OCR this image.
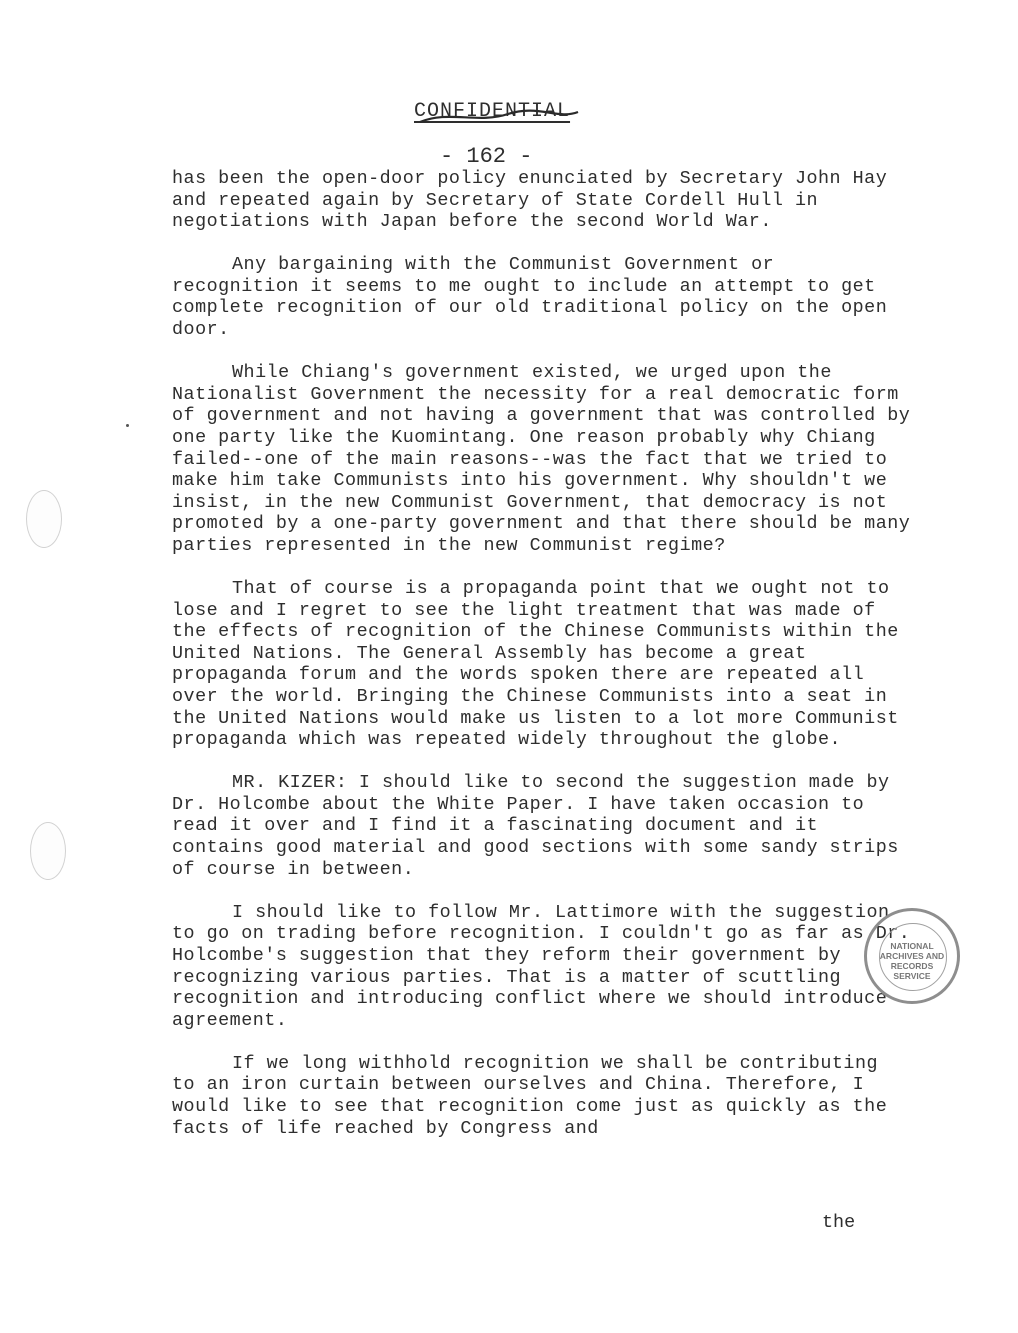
CONFIDENTIAL
- 162 -

has been the open-door policy enunciated by Secretary John Hay and repeated again by Secretary of State Cordell Hull in negotiations with Japan before the second World War.

Any bargaining with the Communist Government or recognition it seems to me ought to include an attempt to get complete recognition of our old traditional policy on the open door.

While Chiang's government existed, we urged upon the Nationalist Government the necessity for a real democratic form of government and not having a government that was controlled by one party like the Kuomintang. One reason probably why Chiang failed--one of the main reasons--was the fact that we tried to make him take Communists into his government. Why shouldn't we insist, in the new Communist Government, that democracy is not promoted by a one-party government and that there should be many parties represented in the new Communist regime?

That of course is a propaganda point that we ought not to lose and I regret to see the light treatment that was made of the effects of recognition of the Chinese Communists within the United Nations. The General Assembly has become a great propaganda forum and the words spoken there are repeated all over the world. Bringing the Chinese Communists into a seat in the United Nations would make us listen to a lot more Communist propaganda which was repeated widely throughout the globe.

MR. KIZER: I should like to second the suggestion made by Dr. Holcombe about the White Paper. I have taken occasion to read it over and I find it a fascinating document and it contains good material and good sections with some sandy strips of course in between.

I should like to follow Mr. Lattimore with the suggestion to go on trading before recognition. I couldn't go as far as Dr. Holcombe's suggestion that they reform their government by recognizing various parties. That is a matter of scuttling recognition and introducing conflict where we should introduce agreement.

If we long withhold recognition we shall be contributing to an iron curtain between ourselves and China. Therefore, I would like to see that recognition come just as quickly as the facts of life reached by Congress and

the
NATIONAL
ARCHIVES AND
RECORDS
SERVICE
